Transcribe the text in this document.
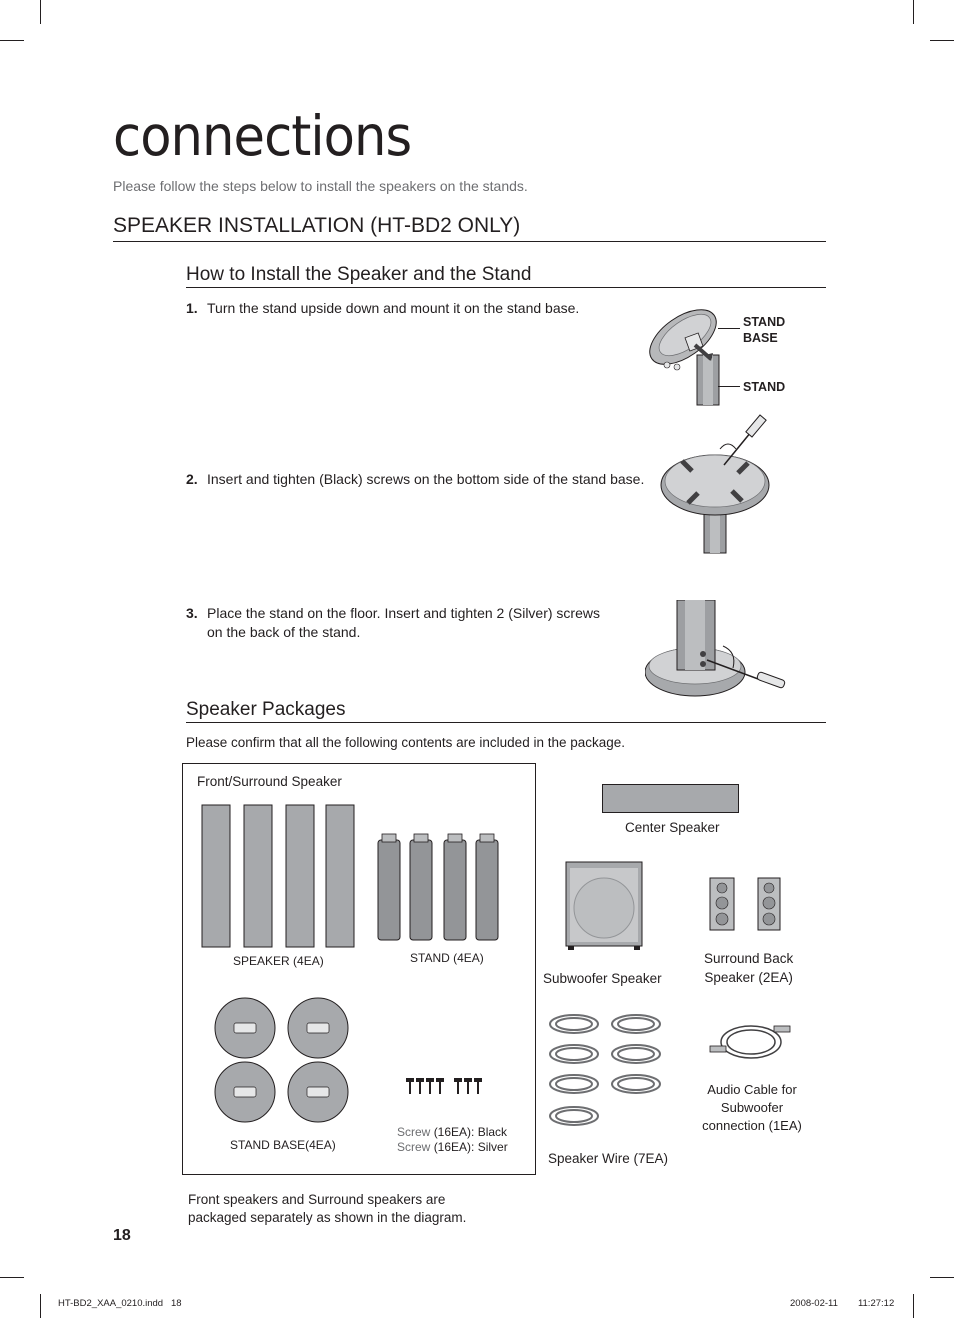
connections
Please follow the steps below to install the speakers on the stands.
SPEAKER INSTALLATION (HT-BD2 ONLY)
How to Install the Speaker and the Stand
1. Turn the stand upside down and mount it on the stand base.
STAND
BASE
STAND
2. Insert and tighten (Black) screws on the bottom side of the stand base.
3. Place the stand on the floor. Insert and tighten 2 (Silver) screws
on the back of the stand.
Speaker Packages
Please confirm that all the following contents are included in the package.
Front/Surround Speaker
SPEAKER (4EA)	STAND (4EA)
STAND BASE(4EA)
Screw (16EA): Black
Screw (16EA): Silver
Center Speaker
Subwoofer Speaker
Surround Back
Speaker (2EA)
Speaker Wire (7EA)
Audio Cable for Subwoofer
connection (1EA)
Front speakers and Surround speakers are
packaged separately as shown in the diagram.
18
HT-BD2_XAA_0210.indd   18	2008-02-11     11:27:12
